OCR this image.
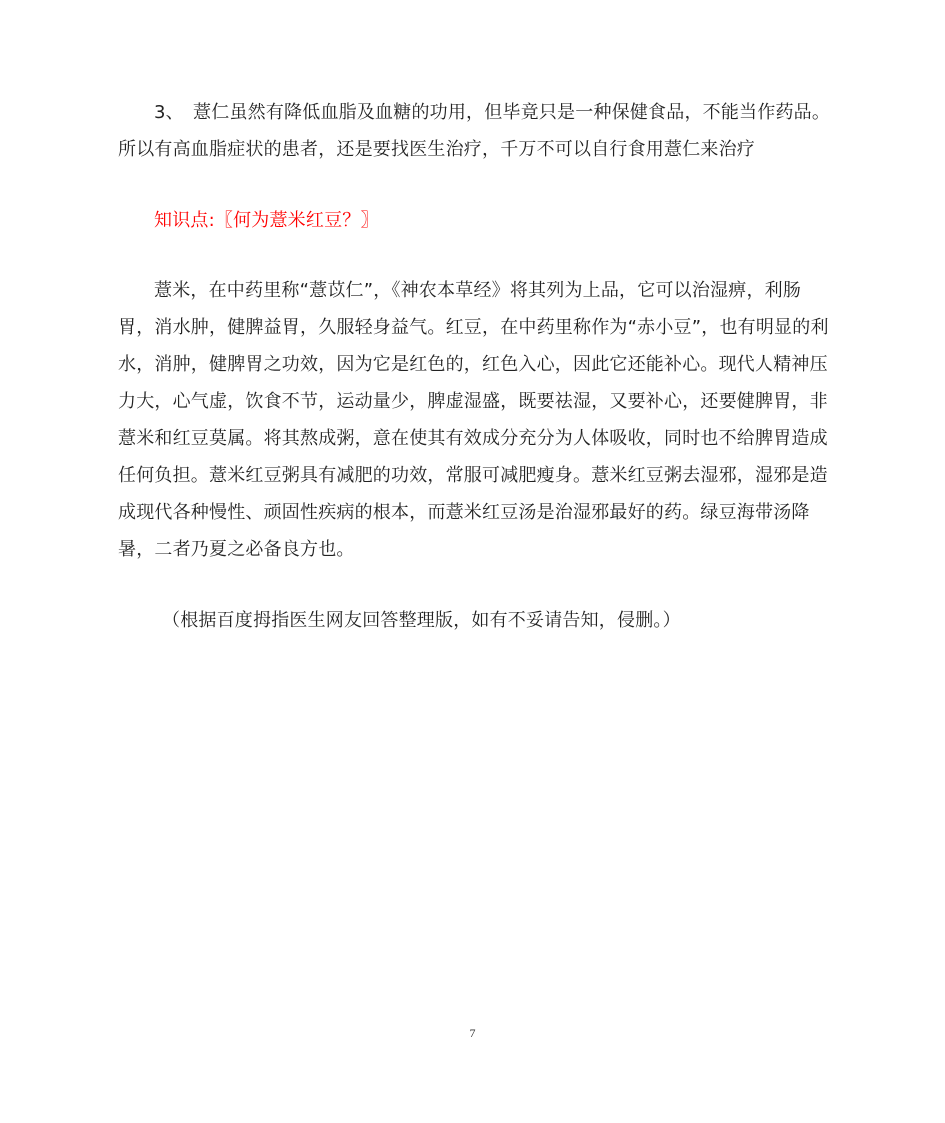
3、　薏仁虽然有降低血脂及血糖的功用，但毕竟只是一种保健食品，不能当作药品。所以有高血脂症状的患者，还是要找医生治疗，千万不可以自行食用薏仁来治疗
知识点:〖何为薏米红豆？〗
薏米，在中药里称“薏苡仁”，《神农本草经》将其列为上品，它可以治湿痹，利肠胃，消水肿，健脾益胃，久服轻身益气。红豆，在中药里称作为“赤小豆”，也有明显的利水，消肿，健脾胃之功效，因为它是红色的，红色入心，因此它还能补心。现代人精神压力大，心气虚，饮食不节，运动量少，脾虚湿盛，既要祛湿，又要补心，还要健脾胃，非薏米和红豆莫属。将其熬成粥，意在使其有效成分充分为人体吸收，同时也不给脾胃造成任何负担。薏米红豆粥具有减肥的功效，常服可减肥瘦身。薏米红豆粥去湿邪，湿邪是造成现代各种慢性、顽固性疾病的根本，而薏米红豆汤是治湿邪最好的药。绿豆海带汤降暑，二者乃夏之必备良方也。
（根据百度拇指医生网友回答整理版，如有不妥请告知，侵删。）
7
